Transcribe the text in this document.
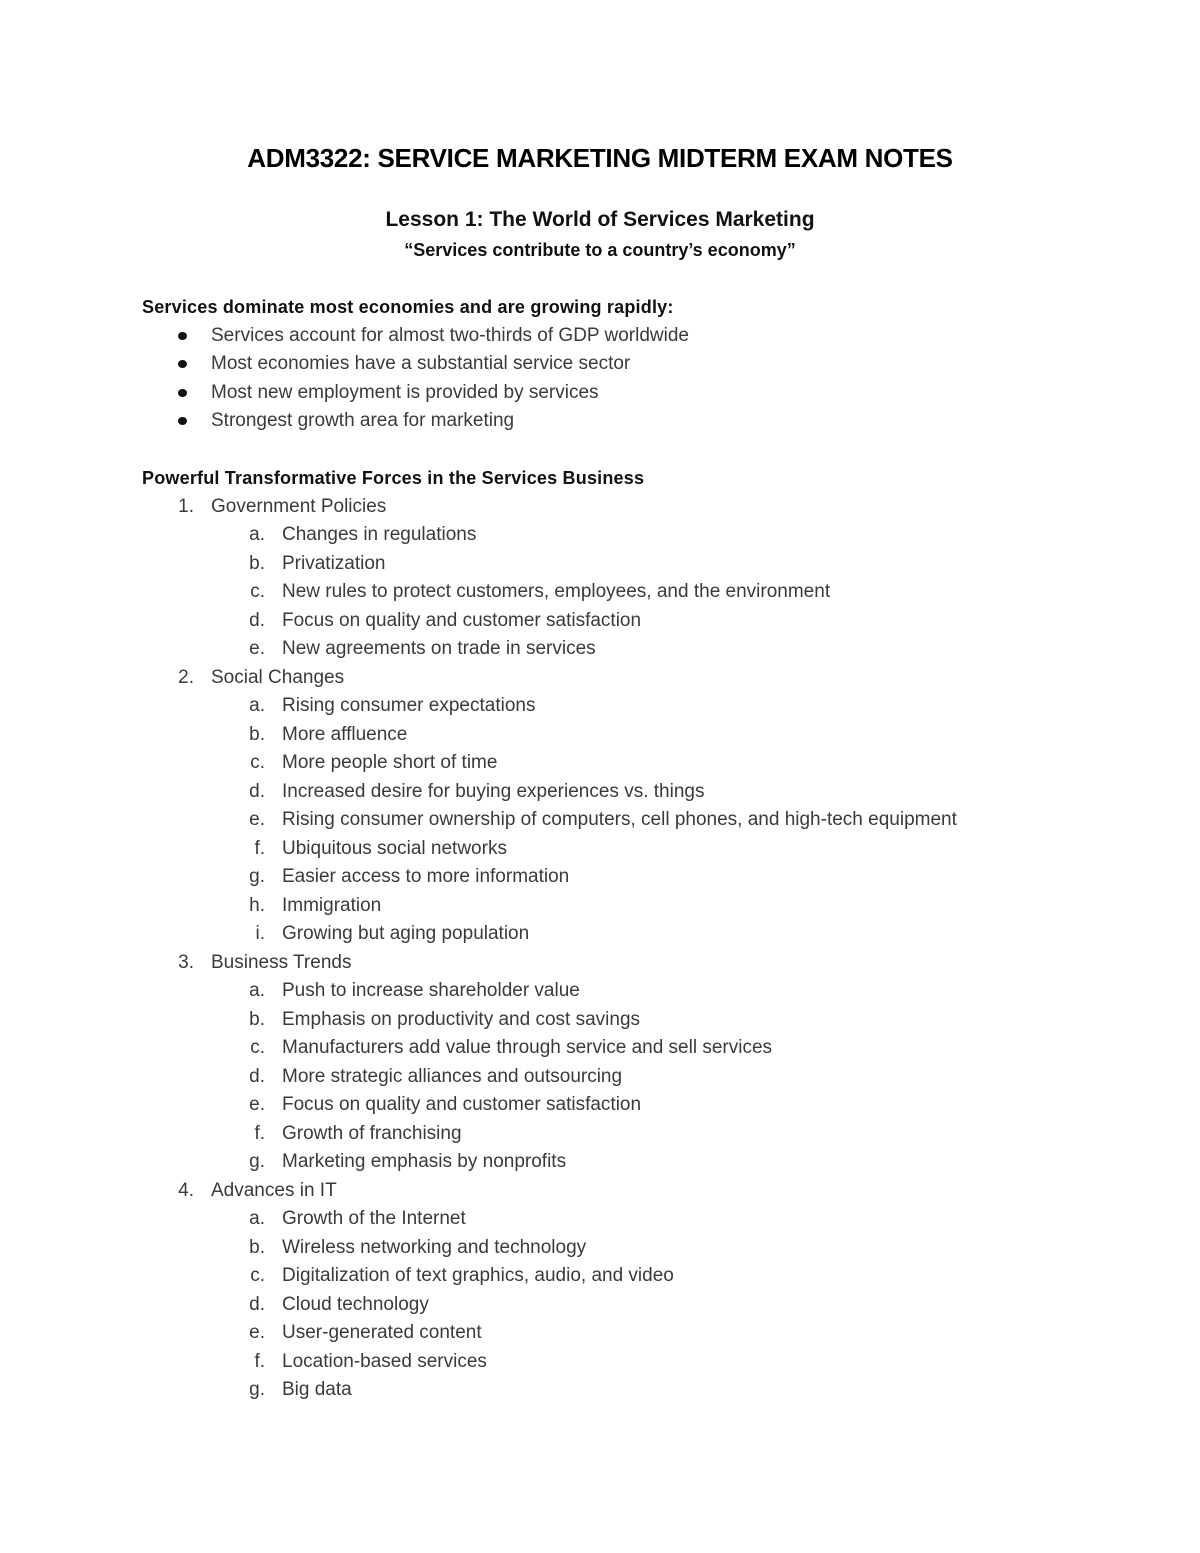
ADM3322: SERVICE MARKETING MIDTERM EXAM NOTES
Lesson 1: The World of Services Marketing
“Services contribute to a country’s economy”
Services dominate most economies and are growing rapidly:
Services account for almost two-thirds of GDP worldwide
Most economies have a substantial service sector
Most new employment is provided by services
Strongest growth area for marketing
Powerful Transformative Forces in the Services Business
1. Government Policies
a. Changes in regulations
b. Privatization
c. New rules to protect customers, employees, and the environment
d. Focus on quality and customer satisfaction
e. New agreements on trade in services
2. Social Changes
a. Rising consumer expectations
b. More affluence
c. More people short of time
d. Increased desire for buying experiences vs. things
e. Rising consumer ownership of computers, cell phones, and high-tech equipment
f. Ubiquitous social networks
g. Easier access to more information
h. Immigration
i. Growing but aging population
3. Business Trends
a. Push to increase shareholder value
b. Emphasis on productivity and cost savings
c. Manufacturers add value through service and sell services
d. More strategic alliances and outsourcing
e. Focus on quality and customer satisfaction
f. Growth of franchising
g. Marketing emphasis by nonprofits
4. Advances in IT
a. Growth of the Internet
b. Wireless networking and technology
c. Digitalization of text graphics, audio, and video
d. Cloud technology
e. User-generated content
f. Location-based services
g. Big data
